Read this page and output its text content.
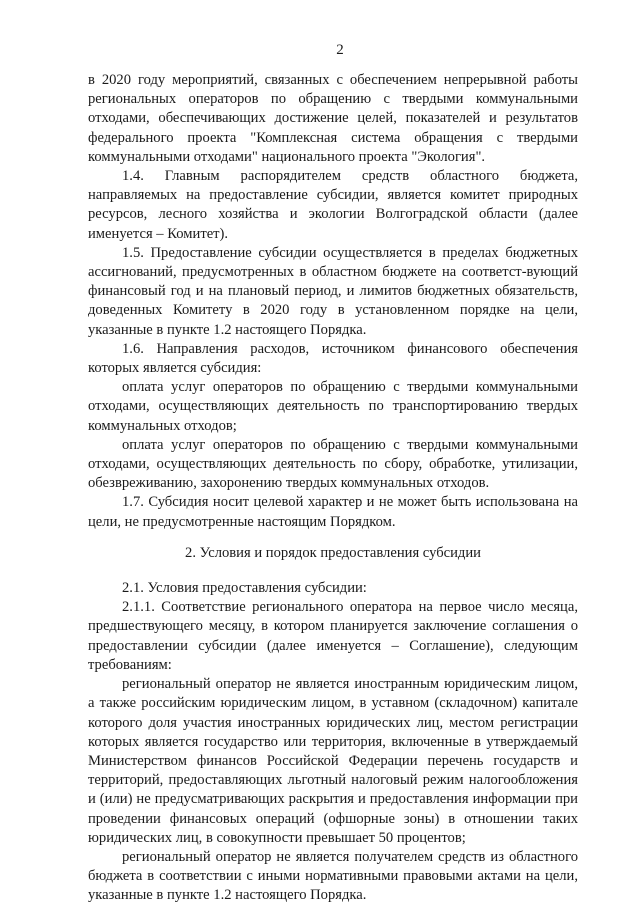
2

в 2020 году мероприятий, связанных с обеспечением непрерывной работы региональных операторов по обращению с твердыми коммунальными отходами, обеспечивающих достижение целей, показателей и результатов федерального проекта "Комплексная система обращения с твердыми коммунальными отходами" национального проекта "Экология".

1.4. Главным распорядителем средств областного бюджета, направляемых на предоставление субсидии, является комитет природных ресурсов, лесного хозяйства и экологии Волгоградской области (далее именуется – Комитет).

1.5. Предоставление субсидии осуществляется в пределах бюджетных ассигнований, предусмотренных в областном бюджете на соответст-вующий финансовый год и на плановый период, и лимитов бюджетных обязательств, доведенных Комитету в 2020 году в установленном порядке на цели, указанные в пункте 1.2 настоящего Порядка.

1.6. Направления расходов, источником финансового обеспечения которых является субсидия:

оплата услуг операторов по обращению с твердыми коммунальными отходами, осуществляющих деятельность по транспортированию твердых коммунальных отходов;

оплата услуг операторов по обращению с твердыми коммунальными отходами, осуществляющих деятельность по сбору, обработке, утилизации, обезвреживанию, захоронению твердых коммунальных отходов.

1.7. Субсидия носит целевой характер и не может быть использована на цели, не предусмотренные настоящим Порядком.

2. Условия и порядок предоставления субсидии

2.1. Условия предоставления субсидии:

2.1.1. Соответствие регионального оператора на первое число месяца, предшествующего месяцу, в котором планируется заключение соглашения о предоставлении субсидии (далее именуется – Соглашение), следующим требованиям:

региональный оператор не является иностранным юридическим лицом, а также российским юридическим лицом, в уставном (складочном) капитале которого доля участия иностранных юридических лиц, местом регистрации которых является государство или территория, включенные в утверждаемый Министерством финансов Российской Федерации перечень государств и территорий, предоставляющих льготный налоговый режим налогообложения и (или) не предусматривающих раскрытия и предоставления информации при проведении финансовых операций (офшорные зоны) в отношении таких юридических лиц, в совокупности превышает 50 процентов;

региональный оператор не является получателем средств из областного бюджета в соответствии с иными нормативными правовыми актами на цели, указанные в пункте 1.2 настоящего Порядка.
